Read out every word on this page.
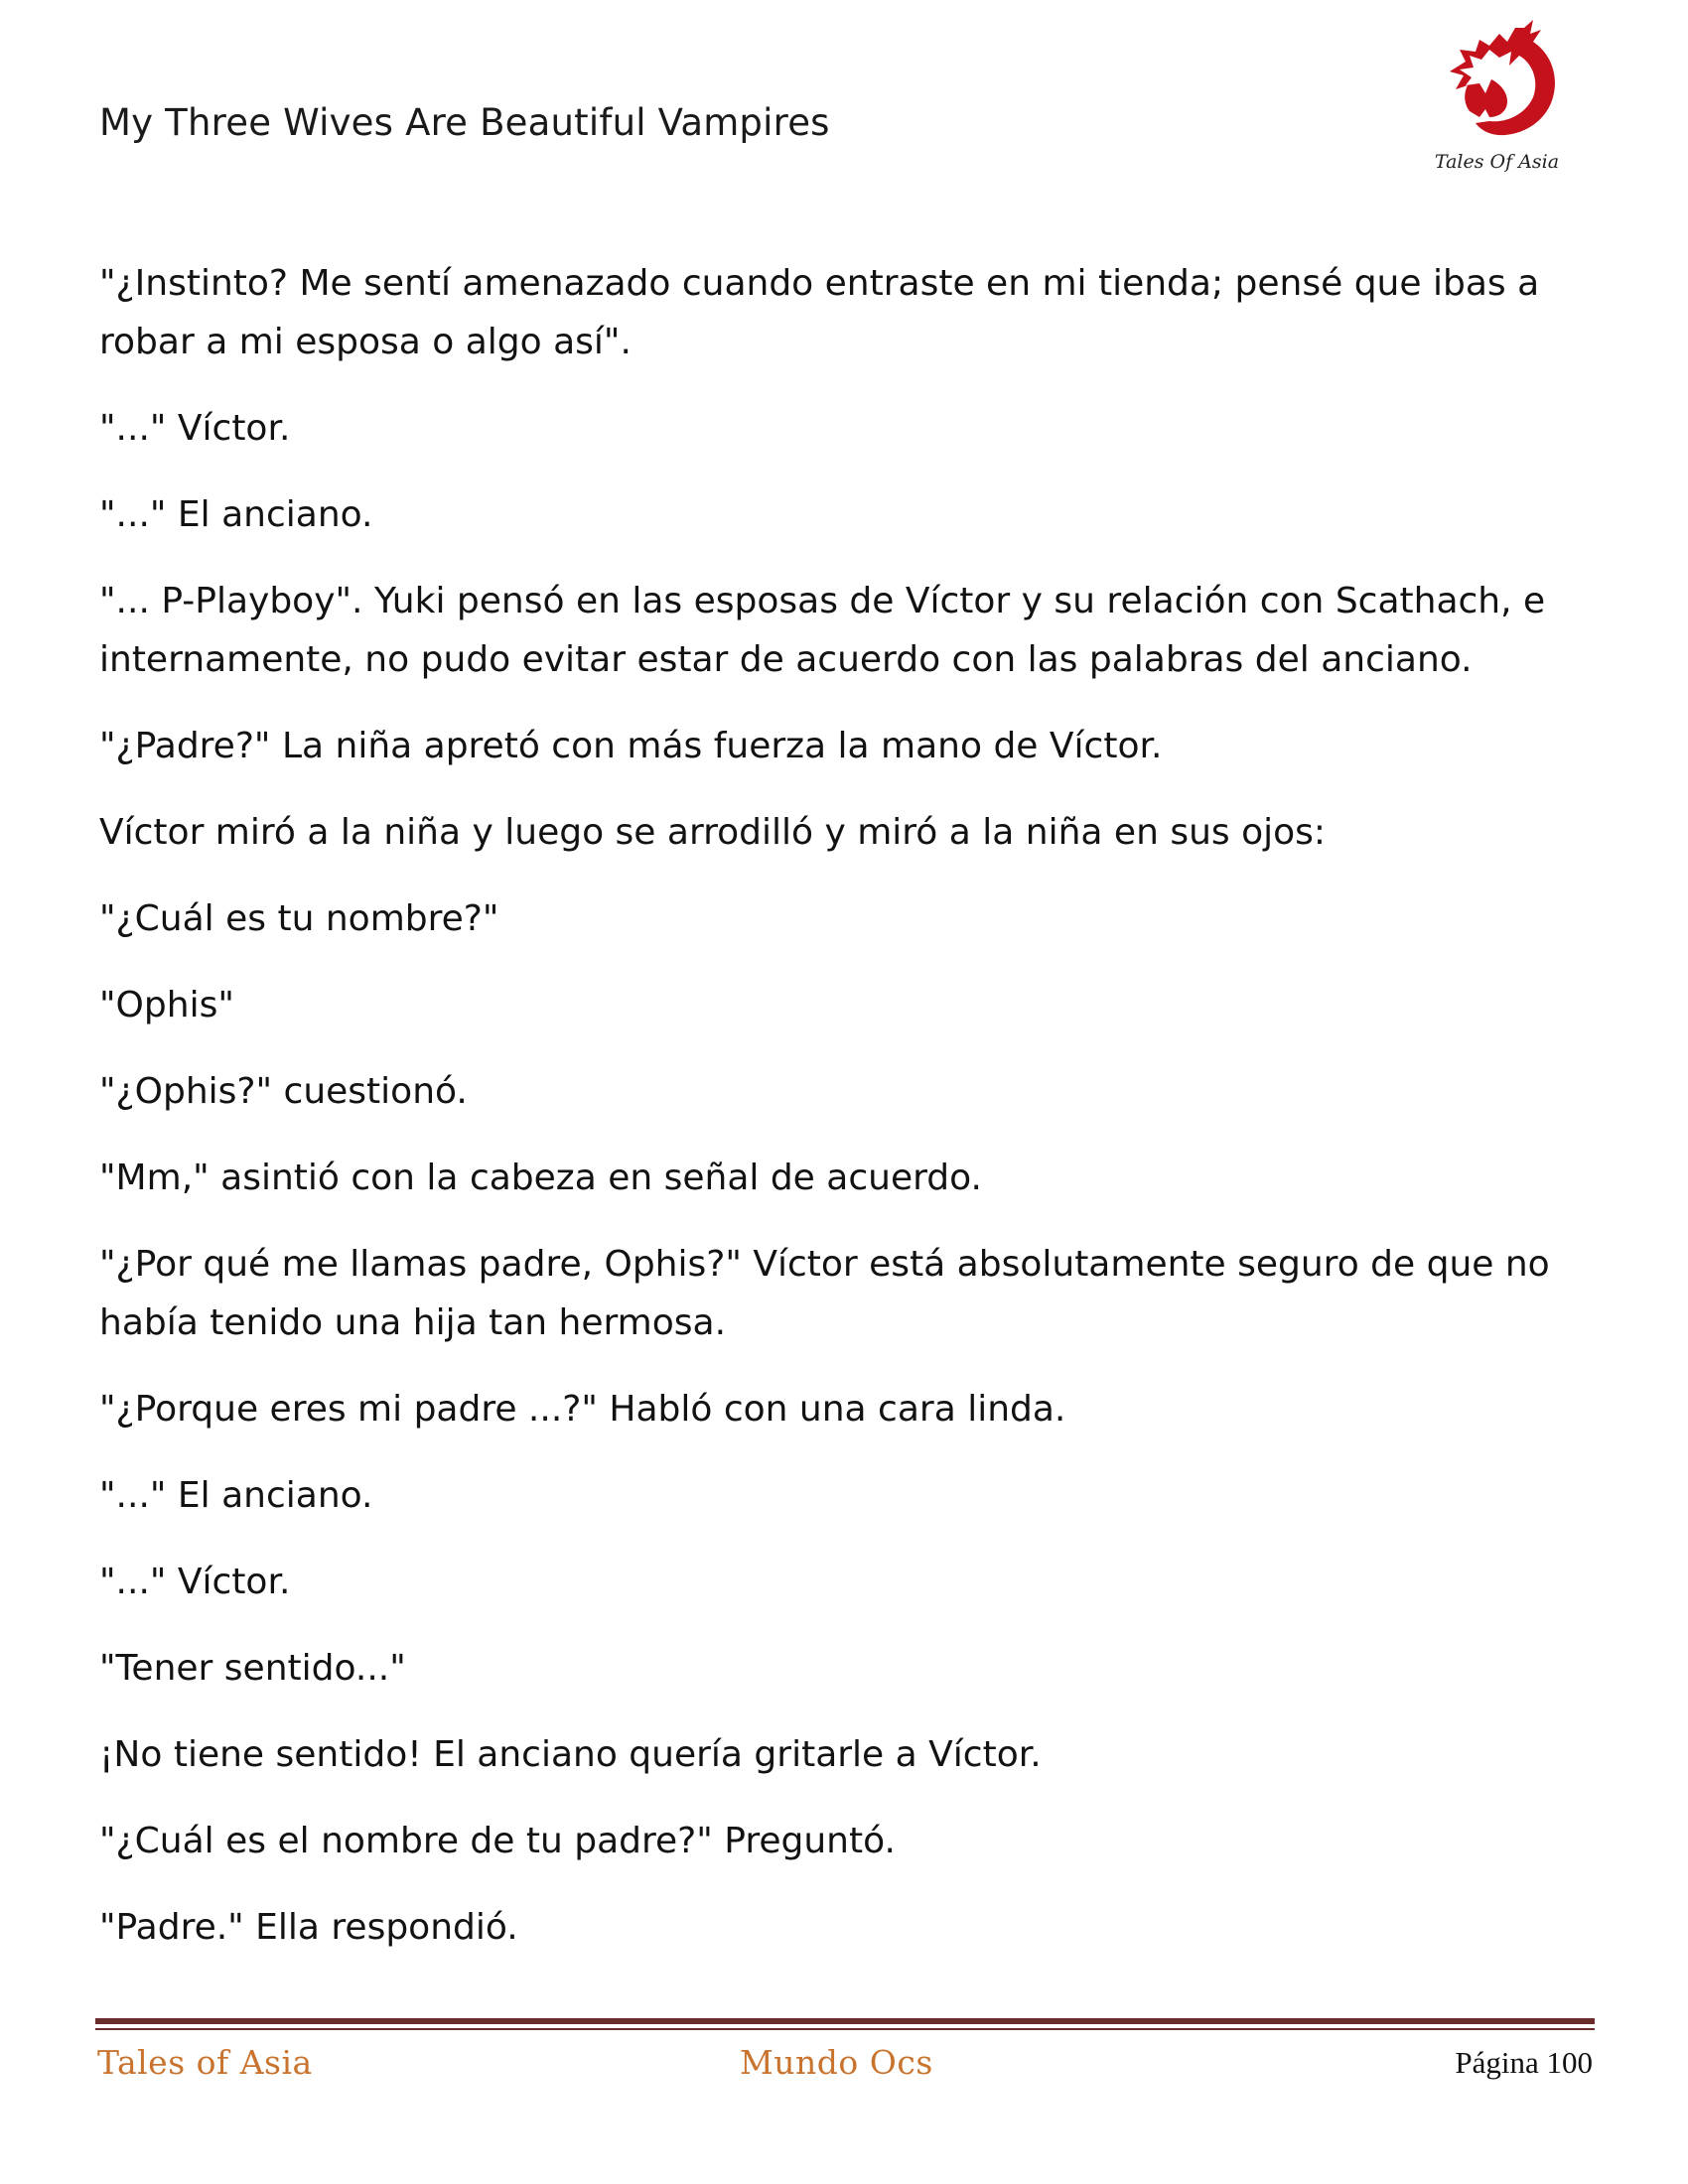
My Three Wives Are Beautiful Vampires
Tales Of Asia

"¿Instinto? Me sentí amenazado cuando entraste en mi tienda; pensé que ibas a robar a mi esposa o algo así".

"..." Víctor.

"..." El anciano.

"... P-Playboy". Yuki pensó en las esposas de Víctor y su relación con Scathach, e internamente, no pudo evitar estar de acuerdo con las palabras del anciano.

"¿Padre?" La niña apretó con más fuerza la mano de Víctor.

Víctor miró a la niña y luego se arrodilló y miró a la niña en sus ojos:

"¿Cuál es tu nombre?"

"Ophis"

"¿Ophis?" cuestionó.

"Mm," asintió con la cabeza en señal de acuerdo.

"¿Por qué me llamas padre, Ophis?" Víctor está absolutamente seguro de que no había tenido una hija tan hermosa.

"¿Porque eres mi padre ...?" Habló con una cara linda.

"..." El anciano.

"..." Víctor.

"Tener sentido..."

¡No tiene sentido! El anciano quería gritarle a Víctor.

"¿Cuál es el nombre de tu padre?" Preguntó.

"Padre." Ella respondió.

Tales of Asia	Mundo Ocs	Página 100
